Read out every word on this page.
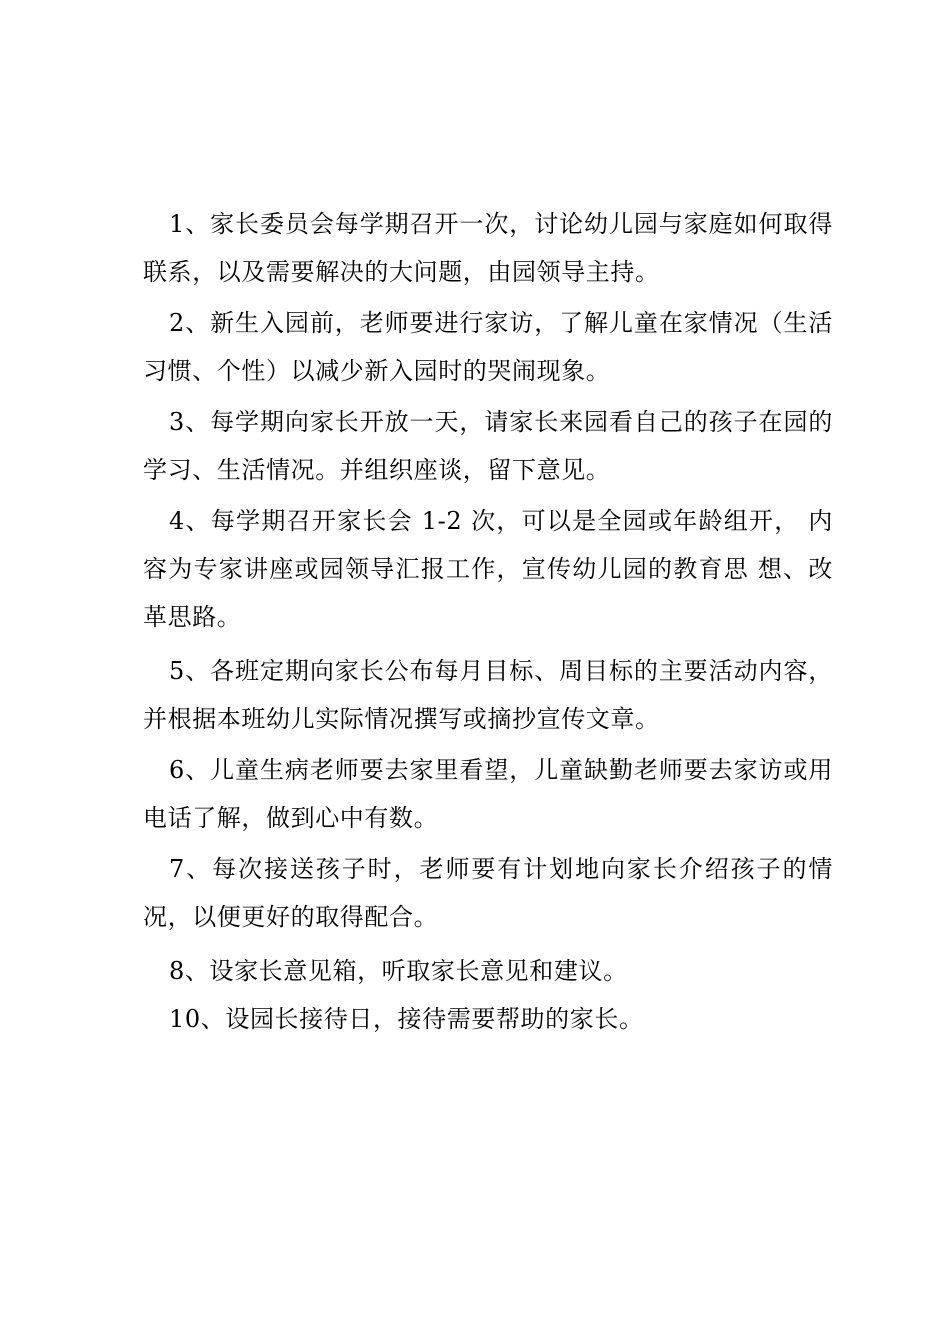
1、家长委员会每学期召开一次，讨论幼儿园与家庭如何取得联系，以及需要解决的大问题，由园领导主持。

2、新生入园前，老师要进行家访，了解儿童在家情况（生活习惯、个性）以减少新入园时的哭闹现象。

3、每学期向家长开放一天，请家长来园看自己的孩子在园的学习、生活情况。并组织座谈，留下意见。

4、每学期召开家长会 1-2 次，可以是全园或年龄组开， 内容为专家讲座或园领导汇报工作，宣传幼儿园的教育思 想、改革思路。

5、各班定期向家长公布每月目标、周目标的主要活动内容，并根据本班幼儿实际情况撰写或摘抄宣传文章。

6、儿童生病老师要去家里看望，儿童缺勤老师要去家访或用电话了解，做到心中有数。

7、每次接送孩子时，老师要有计划地向家长介绍孩子的情况，以便更好的取得配合。

8、设家长意见箱，听取家长意见和建议。

10、设园长接待日，接待需要帮助的家长。
